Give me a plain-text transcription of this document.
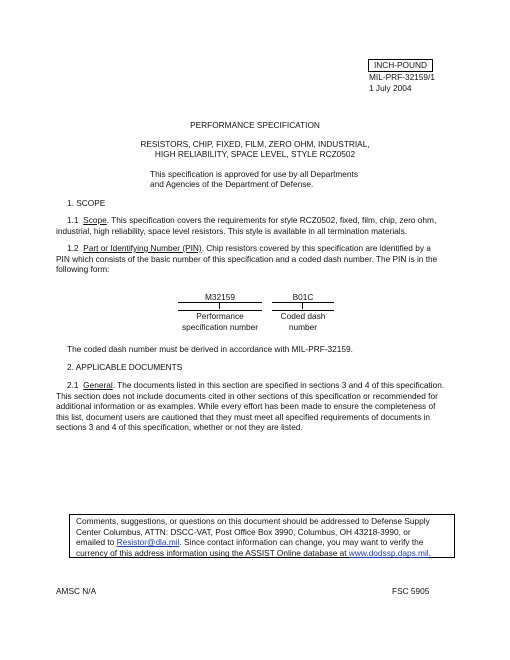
INCH-POUND
MIL-PRF-32159/1
1 July 2004
PERFORMANCE SPECIFICATION
RESISTORS, CHIP, FIXED, FILM, ZERO OHM, INDUSTRIAL,
HIGH RELIABILITY, SPACE LEVEL, STYLE RCZ0502
This specification is approved for use by all Departments
and Agencies of the Department of Defense.
1. SCOPE
1.1 Scope. This specification covers the requirements for style RCZ0502, fixed, film, chip, zero ohm,
industrial, high reliability, space level resistors. This style is available in all termination materials.
1.2 Part or Identifying Number (PIN). Chip resistors covered by this specification are identified by a
PIN which consists of the basic number of this specification and a coded dash number. The PIN is in the
following form:
M32159	B01C
Performance
specification number
Coded dash
number
The coded dash number must be derived in accordance with MIL-PRF-32159.
2. APPLICABLE DOCUMENTS
2.1 General. The documents listed in this section are specified in sections 3 and 4 of this specification.
This section does not include documents cited in other sections of this specification or recommended for
additional information or as examples. While every effort has been made to ensure the completeness of
this list, document users are cautioned that they must meet all specified requirements of documents in
sections 3 and 4 of this specification, whether or not they are listed.
Comments, suggestions, or questions on this document should be addressed to Defense Supply
Center Columbus, ATTN: DSCC-VAT, Post Office Box 3990, Columbus, OH 43218-3990, or
emailed to Resistor@dla.mil. Since contact information can change, you may want to verify the
currency of this address information using the ASSIST Online database at www.dodssp.daps.mil.
AMSC N/A	FSC 5905
